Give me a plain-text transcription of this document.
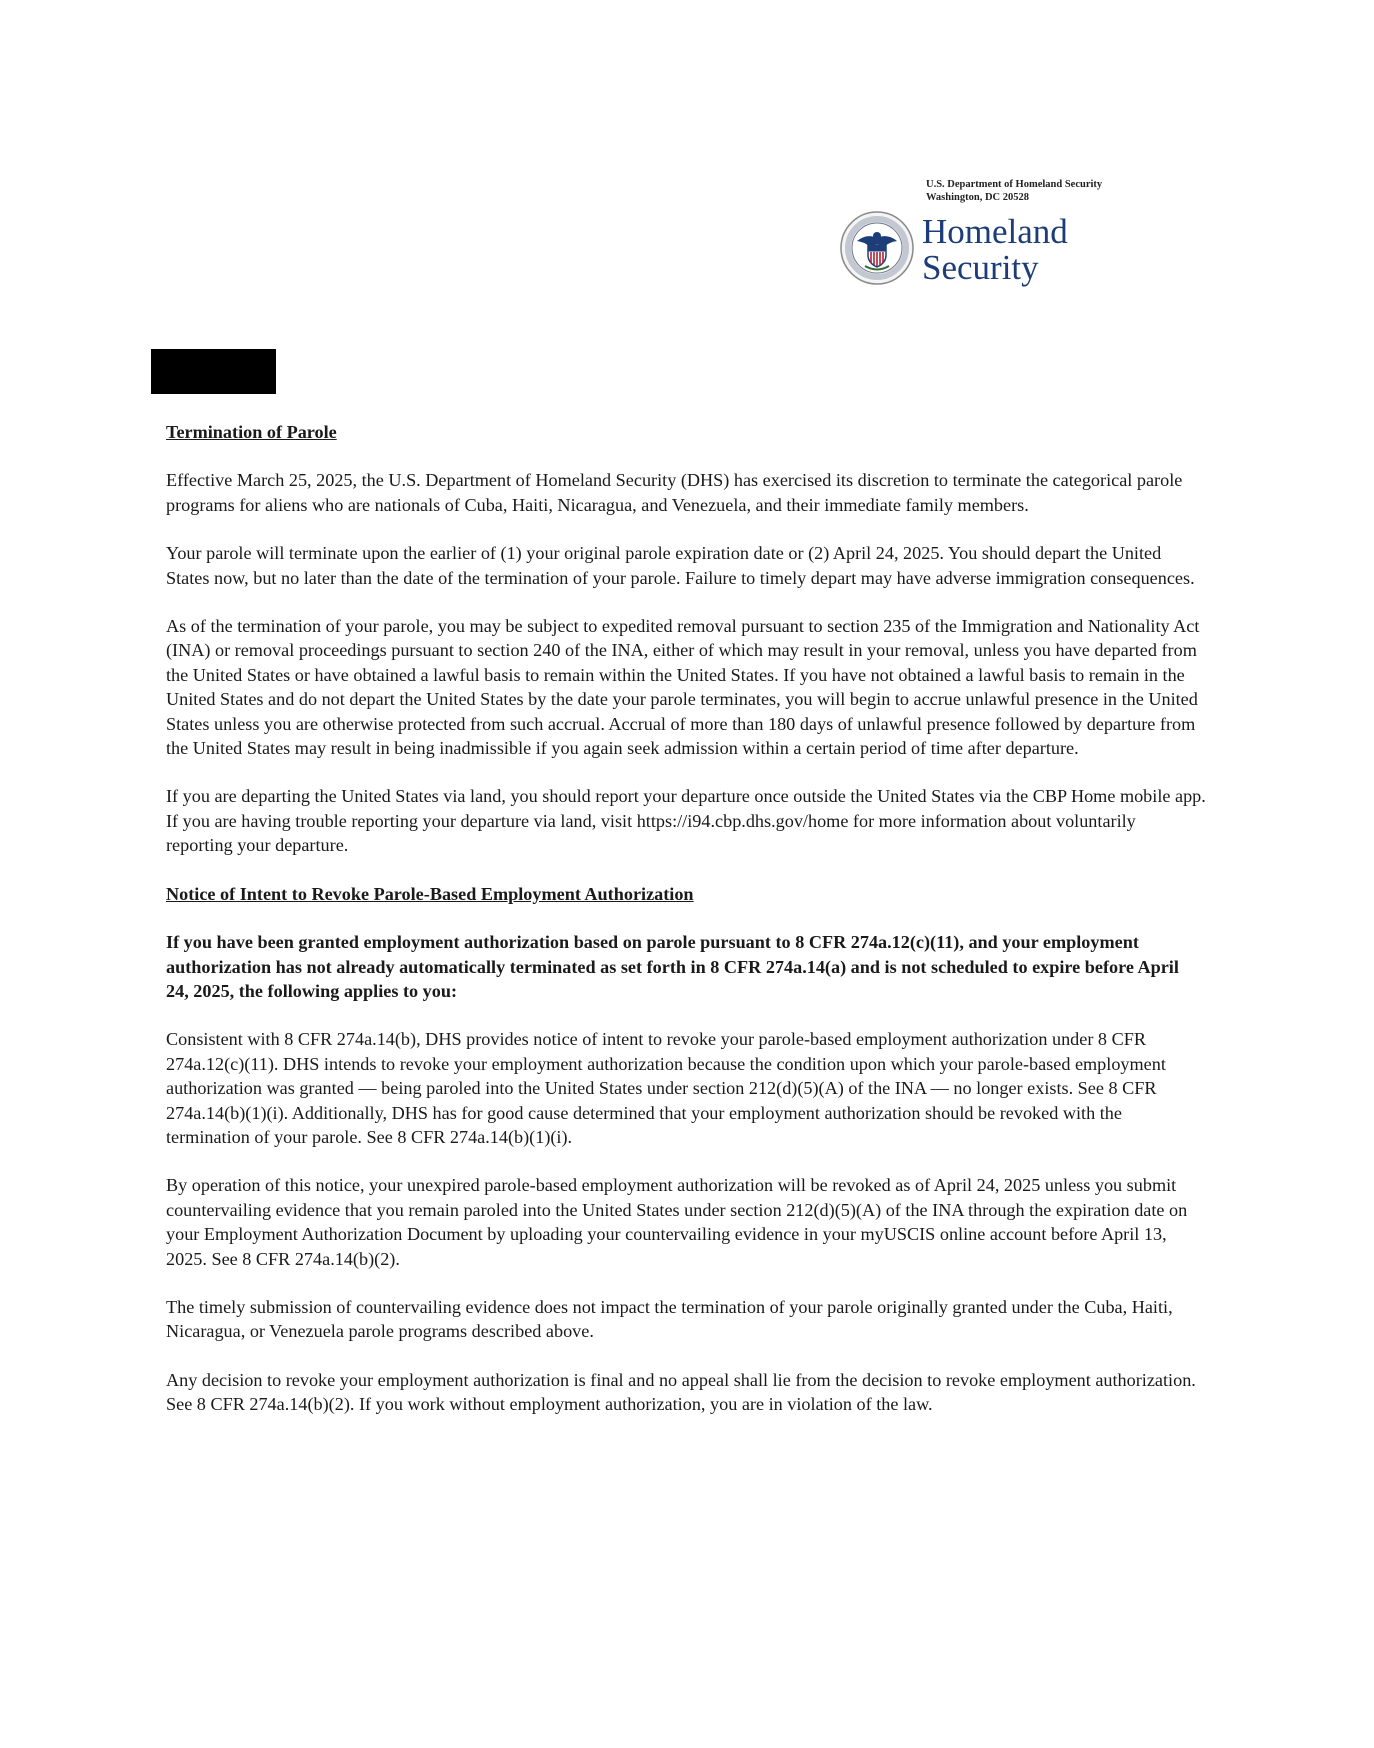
U.S. Department of Homeland Security
Washington, DC 20528
Homeland
Security

Termination of Parole

Effective March 25, 2025, the U.S. Department of Homeland Security (DHS) has exercised its discretion to terminate the categorical parole programs for aliens who are nationals of Cuba, Haiti, Nicaragua, and Venezuela, and their immediate family members.

Your parole will terminate upon the earlier of (1) your original parole expiration date or (2) April 24, 2025. You should depart the United States now, but no later than the date of the termination of your parole. Failure to timely depart may have adverse immigration consequences.

As of the termination of your parole, you may be subject to expedited removal pursuant to section 235 of the Immigration and Nationality Act (INA) or removal proceedings pursuant to section 240 of the INA, either of which may result in your removal, unless you have departed from the United States or have obtained a lawful basis to remain within the United States. If you have not obtained a lawful basis to remain in the United States and do not depart the United States by the date your parole terminates, you will begin to accrue unlawful presence in the United States unless you are otherwise protected from such accrual. Accrual of more than 180 days of unlawful presence followed by departure from the United States may result in being inadmissible if you again seek admission within a certain period of time after departure.

If you are departing the United States via land, you should report your departure once outside the United States via the CBP Home mobile app. If you are having trouble reporting your departure via land, visit https://i94.cbp.dhs.gov/home for more information about voluntarily reporting your departure.

Notice of Intent to Revoke Parole-Based Employment Authorization

If you have been granted employment authorization based on parole pursuant to 8 CFR 274a.12(c)(11), and your employment authorization has not already automatically terminated as set forth in 8 CFR 274a.14(a) and is not scheduled to expire before April 24, 2025, the following applies to you:

Consistent with 8 CFR 274a.14(b), DHS provides notice of intent to revoke your parole-based employment authorization under 8 CFR 274a.12(c)(11). DHS intends to revoke your employment authorization because the condition upon which your parole-based employment authorization was granted — being paroled into the United States under section 212(d)(5)(A) of the INA — no longer exists. See 8 CFR 274a.14(b)(1)(i). Additionally, DHS has for good cause determined that your employment authorization should be revoked with the termination of your parole. See 8 CFR 274a.14(b)(1)(i).

By operation of this notice, your unexpired parole-based employment authorization will be revoked as of April 24, 2025 unless you submit countervailing evidence that you remain paroled into the United States under section 212(d)(5)(A) of the INA through the expiration date on your Employment Authorization Document by uploading your countervailing evidence in your myUSCIS online account before April 13, 2025. See 8 CFR 274a.14(b)(2).

The timely submission of countervailing evidence does not impact the termination of your parole originally granted under the Cuba, Haiti, Nicaragua, or Venezuela parole programs described above.

Any decision to revoke your employment authorization is final and no appeal shall lie from the decision to revoke employment authorization. See 8 CFR 274a.14(b)(2). If you work without employment authorization, you are in violation of the law.
